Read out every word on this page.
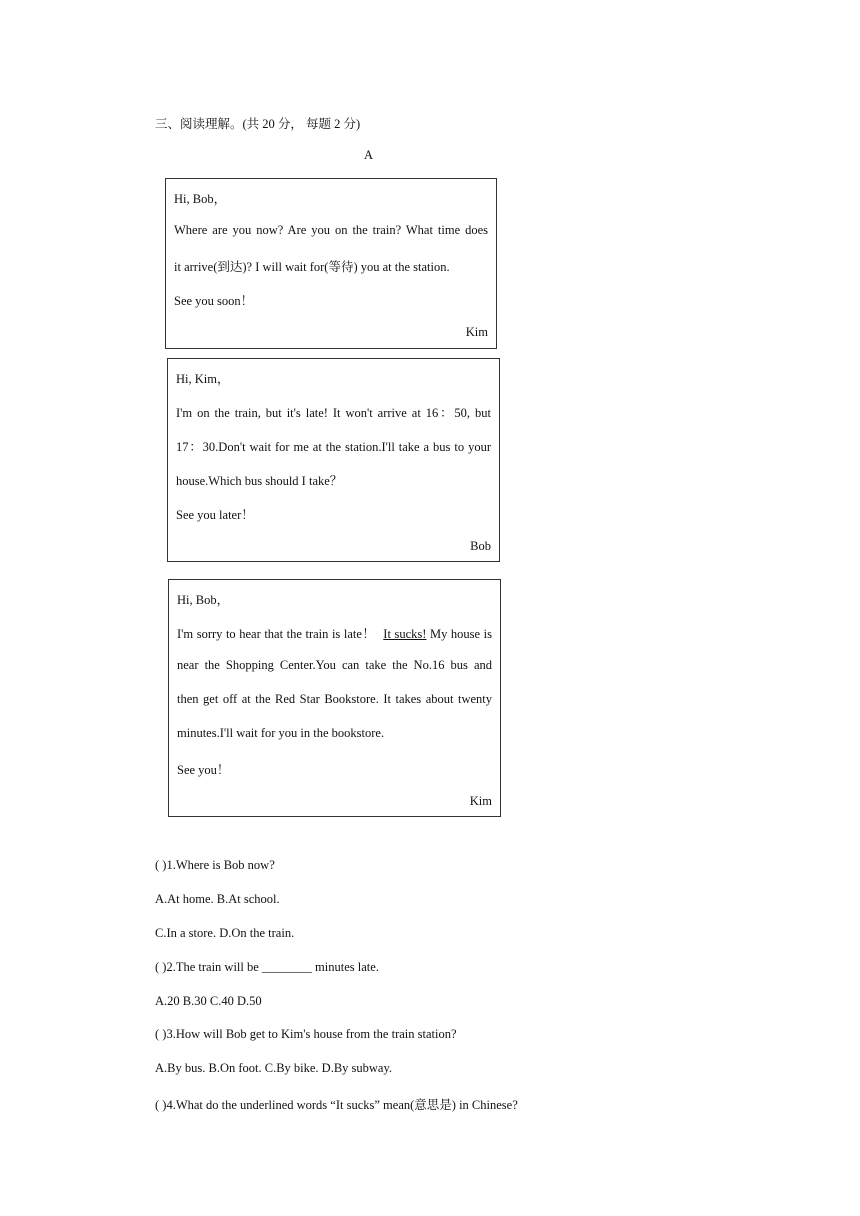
三、阅读理解。(共 20 分， 每题 2 分)
A
Hi, Bob，
Where are you now? Are you on the train? What time does
it arrive(到达)? I will wait for(等待) you at the station.
See you soon！
Kim
Hi, Kim，
I'm on the train, but it's late! It won't arrive at 16：50, but
17：30.Don't wait for me at the station.I'll take a bus to your
house.Which bus should I take？
See you later！
Bob
Hi, Bob，
I'm sorry to hear that the train is late！ It sucks! My house is
near the Shopping Center.You can take the No.16 bus and
then get off at the Red Star Bookstore. It takes about twenty
minutes.I'll wait for you in the bookstore.
See you！
Kim
( )1.Where is Bob now?
A.At home. B.At school.
C.In a store. D.On the train.
( )2.The train will be ________ minutes late.
A.20 B.30 C.40 D.50
( )3.How will Bob get to Kim's house from the train station?
A.By bus. B.On foot. C.By bike. D.By subway.
( )4.What do the underlined words “It sucks” mean(意思是) in Chinese?
